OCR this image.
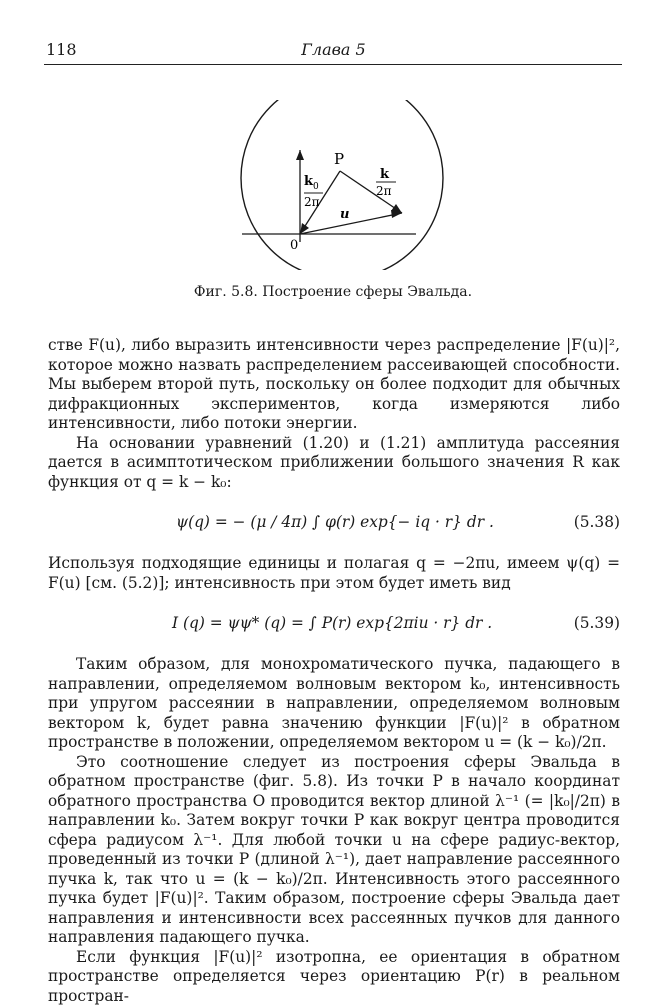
118	Глава 5
P
0
k 0
2π
k
2π
u
Фиг. 5.8. Построение сферы Эвальда.

стве F(u), либо выразить интенсивности через распределение |F(u)|², которое можно назвать распределением рассеивающей способности. Мы выберем второй путь, поскольку он более подходит для обычных дифракционных экспериментов, когда измеряются либо интенсивности, либо потоки энергии.

На основании уравнений (1.20) и (1.21) амплитуда рассеяния дается в асимптотическом приближении большого значения R как функция от q = k − k₀:

ψ(q) = − (μ / 4π) ∫ φ(r) exp{− iq · r} dr .	(5.38)

Используя подходящие единицы и полагая q = −2πu, имеем ψ(q) = F(u) [см. (5.2)]; интенсивность при этом будет иметь вид

I (q) = ψψ* (q) = ∫ P(r) exp{2πiu · r} dr .	(5.39)

Таким образом, для монохроматического пучка, падающего в направлении, определяемом волновым вектором k₀, интенсивность при упругом рассеянии в направлении, определяемом волновым вектором k, будет равна значению функции |F(u)|² в обратном пространстве в положении, определяемом вектором u = (k − k₀)/2π.

Это соотношение следует из построения сферы Эвальда в обратном пространстве (фиг. 5.8). Из точки P в начало координат обратного пространства O проводится вектор длиной λ⁻¹ (= |k₀|/2π) в направлении k₀. Затем вокруг точки P как вокруг центра проводится сфера радиусом λ⁻¹. Для любой точки u на сфере радиус-вектор, проведенный из точки P (длиной λ⁻¹), дает направление рассеянного пучка k, так что u = (k − k₀)/2π. Интенсивность этого рассеянного пучка будет |F(u)|². Таким образом, построение сферы Эвальда дает направления и интенсивности всех рассеянных пучков для данного направления падающего пучка.

Если функция |F(u)|² изотропна, ее ориентация в обратном пространстве определяется через ориентацию P(r) в реальном простран-
